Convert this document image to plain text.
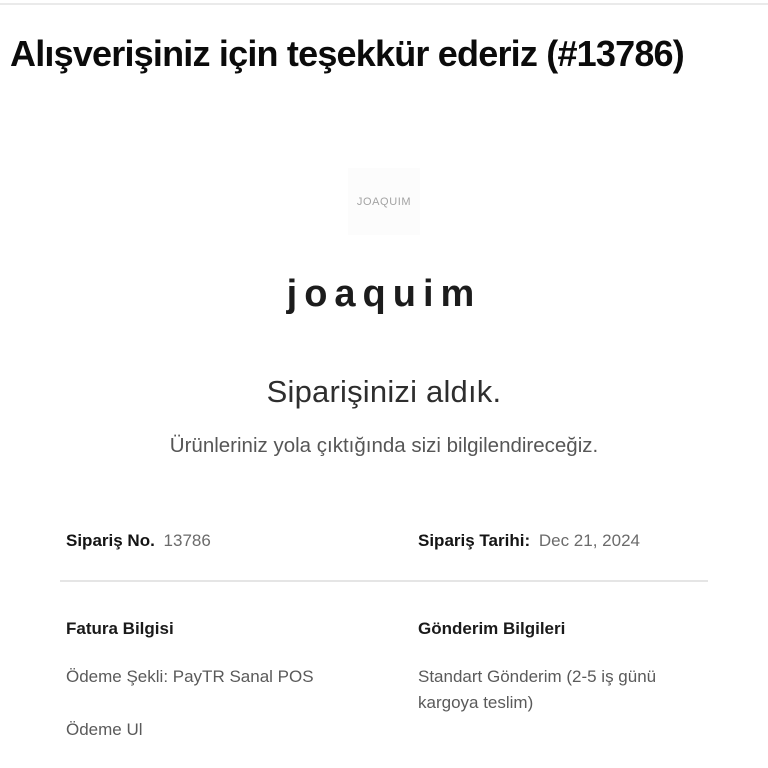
Alışverişiniz için teşekkür ederiz (#13786)
JOAQUIM
joaquim
Siparişinizi aldık.
Ürünleriniz yola çıktığında sizi bilgilendireceğiz.
Sipariş No. 13786	Sipariş Tarihi: Dec 21, 2024
Fatura Bilgisi
Ödeme Şekli: PayTR Sanal POS
Ödeme Ul
Gönderim Bilgileri
Standart Gönderim (2-5 iş günü kargoya teslim)
